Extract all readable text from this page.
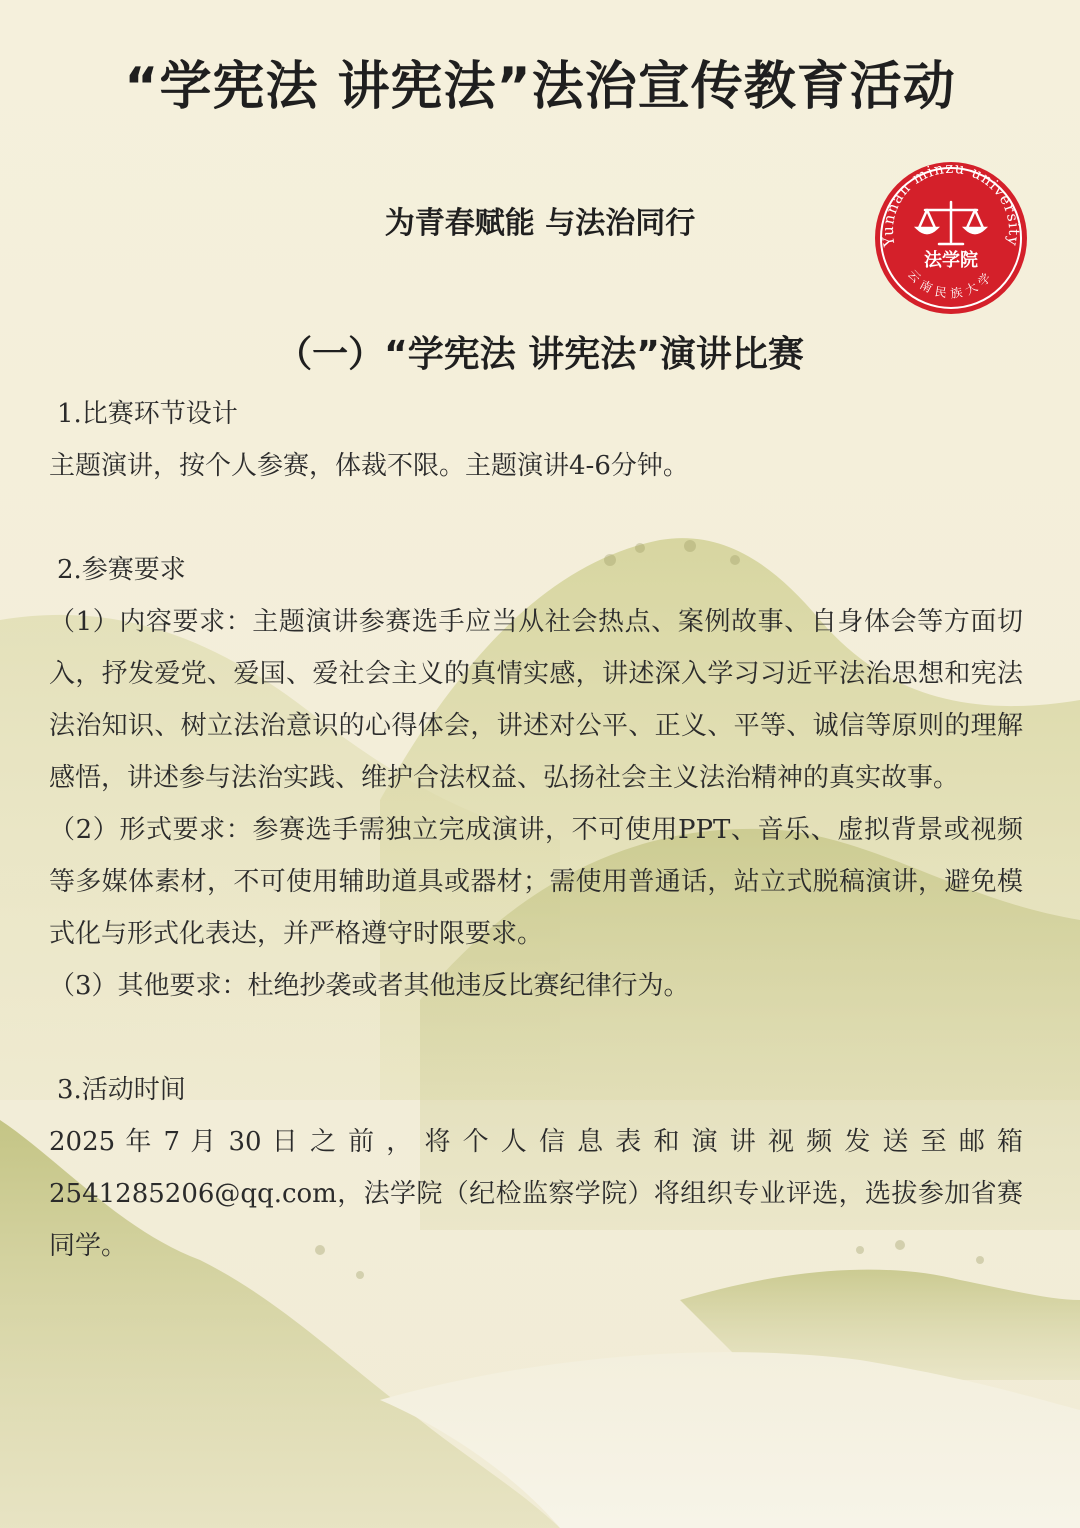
“学宪法 讲宪法”法治宣传教育活动
为青春赋能 与法治同行
Yunnan minzu university
法学院
云南民族大学
（一）“学宪法 讲宪法”演讲比赛

1.比赛环节设计

主题演讲，按个人参赛，体裁不限。主题演讲4-6分钟。

2.参赛要求

（1）内容要求：主题演讲参赛选手应当从社会热点、案例故事、自身体会等方面切入，抒发爱党、爱国、爱社会主义的真情实感，讲述深入学习习近平法治思想和宪法法治知识、树立法治意识的心得体会，讲述对公平、正义、平等、诚信等原则的理解感悟，讲述参与法治实践、维护合法权益、弘扬社会主义法治精神的真实故事。

（2）形式要求：参赛选手需独立完成演讲，不可使用PPT、音乐、虚拟背景或视频等多媒体素材，不可使用辅助道具或器材；需使用普通话，站立式脱稿演讲，避免模式化与形式化表达，并严格遵守时限要求。

（3）其他要求：杜绝抄袭或者其他违反比赛纪律行为。

3.活动时间

2025 年 7 月 30 日 之 前 ， 将 个 人 信 息 表 和 演 讲 视 频 发 送 至 邮 箱

2541285206@qq.com，法学院（纪检监察学院）将组织专业评选，选拔参加省赛同学。
